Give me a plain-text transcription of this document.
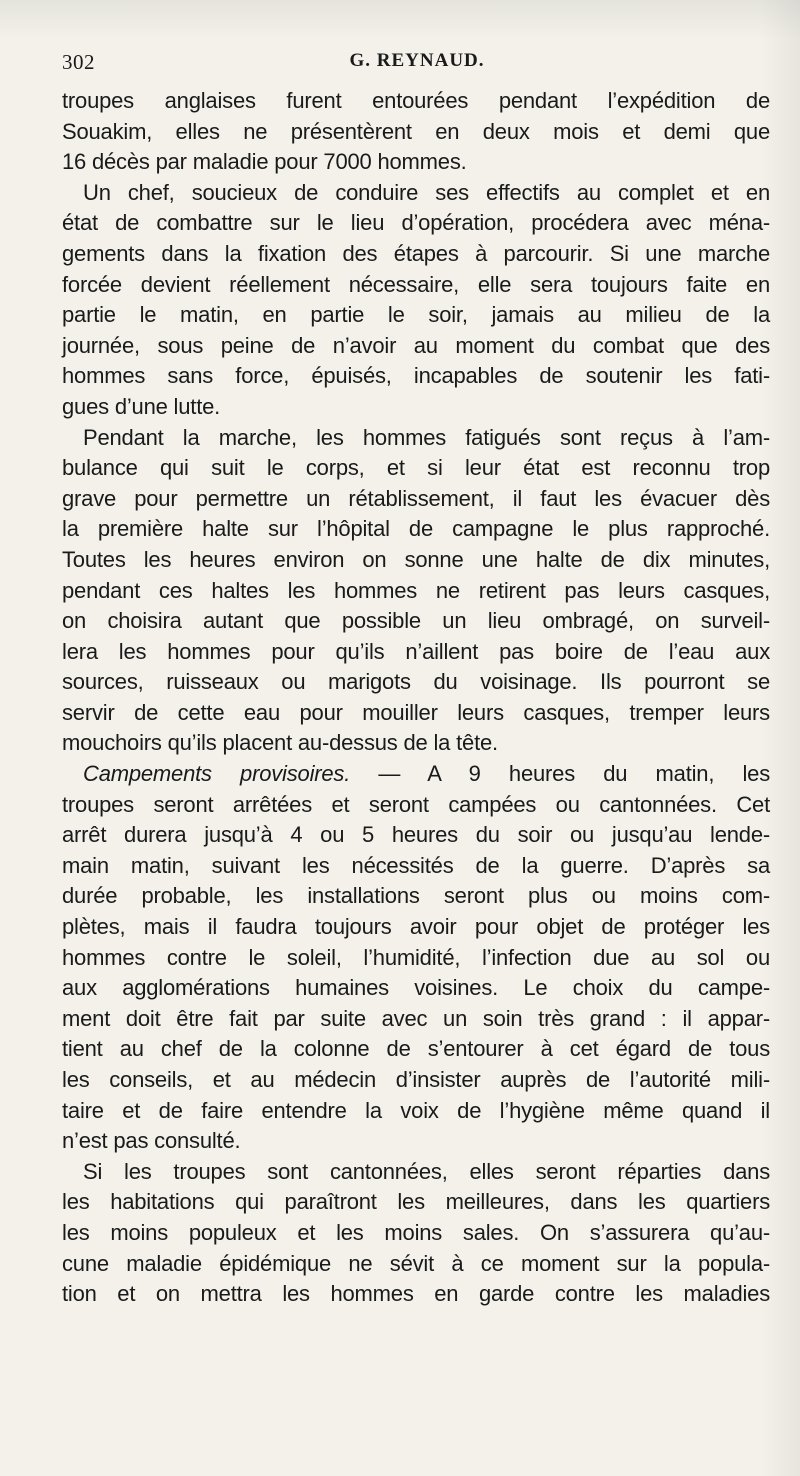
302	G. REYNAUD.
troupes anglaises furent entourées pendant l’expédition de
Souakim, elles ne présentèrent en deux mois et demi que
16 décès par maladie pour 7000 hommes.
Un chef, soucieux de conduire ses effectifs au complet et en
état de combattre sur le lieu d’opération, procédera avec ména-
gements dans la fixation des étapes à parcourir. Si une marche
forcée devient réellement nécessaire, elle sera toujours faite en
partie le matin, en partie le soir, jamais au milieu de la
journée, sous peine de n’avoir au moment du combat que des
hommes sans force, épuisés, incapables de soutenir les fati-
gues d’une lutte.
Pendant la marche, les hommes fatigués sont reçus à l’am-
bulance qui suit le corps, et si leur état est reconnu trop
grave pour permettre un rétablissement, il faut les évacuer dès
la première halte sur l’hôpital de campagne le plus rapproché.
Toutes les heures environ on sonne une halte de dix minutes,
pendant ces haltes les hommes ne retirent pas leurs casques,
on choisira autant que possible un lieu ombragé, on surveil-
lera les hommes pour qu’ils n’aillent pas boire de l’eau aux
sources, ruisseaux ou marigots du voisinage. Ils pourront se
servir de cette eau pour mouiller leurs casques, tremper leurs
mouchoirs qu’ils placent au-dessus de la tête.
Campements provisoires. — A 9 heures du matin, les
troupes seront arrêtées et seront campées ou cantonnées. Cet
arrêt durera jusqu’à 4 ou 5 heures du soir ou jusqu’au lende-
main matin, suivant les nécessités de la guerre. D’après sa
durée probable, les installations seront plus ou moins com-
plètes, mais il faudra toujours avoir pour objet de protéger les
hommes contre le soleil, l’humidité, l’infection due au sol ou
aux agglomérations humaines voisines. Le choix du campe-
ment doit être fait par suite avec un soin très grand : il appar-
tient au chef de la colonne de s’entourer à cet égard de tous
les conseils, et au médecin d’insister auprès de l’autorité mili-
taire et de faire entendre la voix de l’hygiène même quand il
n’est pas consulté.
Si les troupes sont cantonnées, elles seront réparties dans
les habitations qui paraîtront les meilleures, dans les quartiers
les moins populeux et les moins sales. On s’assurera qu’au-
cune maladie épidémique ne sévit à ce moment sur la popula-
tion et on mettra les hommes en garde contre les maladies
